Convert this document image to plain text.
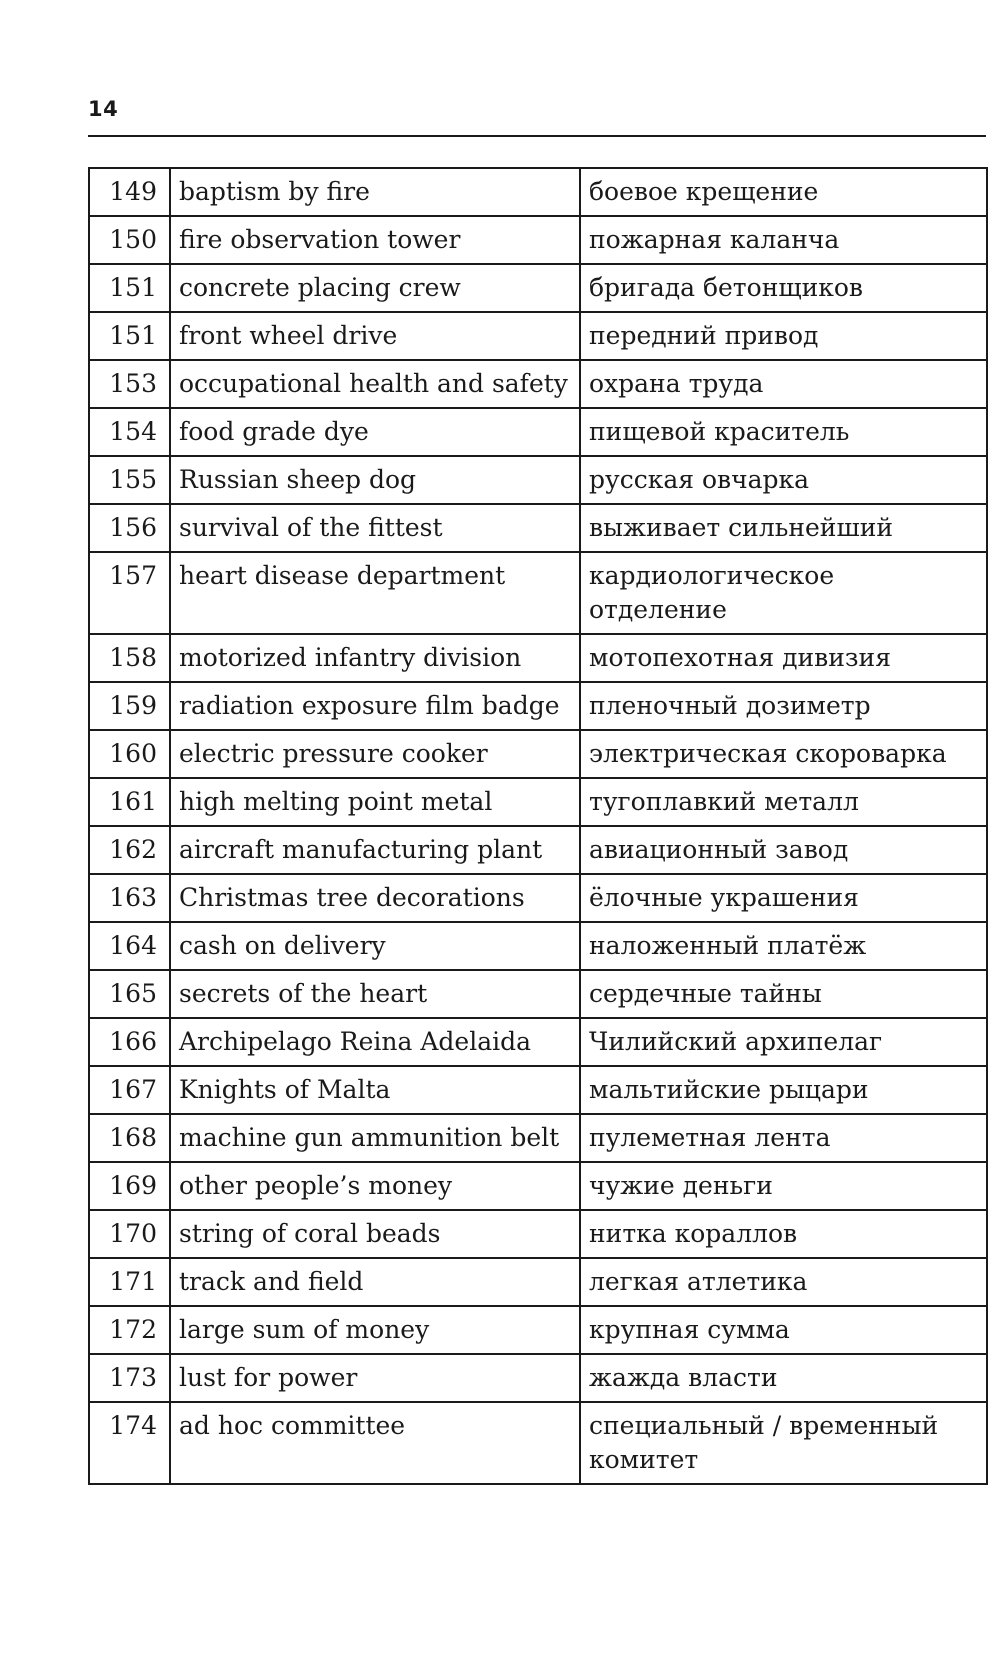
14
149	baptism by fire	боевое крещение
150	fire observation tower	пожарная каланча
151	concrete placing crew	бригада бетонщиков
151	front wheel drive	передний привод
153	occupational health and safety	охрана труда
154	food grade dye	пищевой краситель
155	Russian sheep dog	русская овчарка
156	survival of the fittest	выживает сильнейший
157	heart disease department	кардиологическое отделение
158	motorized infantry division	мотопехотная дивизия
159	radiation exposure film badge	пленочный дозиметр
160	electric pressure cooker	электрическая скороварка
161	high melting point metal	тугоплавкий металл
162	aircraft manufacturing plant	авиационный завод
163	Christmas tree decorations	ёлочные украшения
164	cash on delivery	наложенный платёж
165	secrets of the heart	сердечные тайны
166	Archipelago Reina Adelaida	Чилийский архипелаг
167	Knights of Malta	мальтийские рыцари
168	machine gun ammunition belt	пулеметная лента
169	other people’s money	чужие деньги
170	string of coral beads	нитка кораллов
171	track and field	легкая атлетика
172	large sum of money	крупная сумма
173	lust for power	жажда власти
174	ad hoc committee	специальный / временный комитет
